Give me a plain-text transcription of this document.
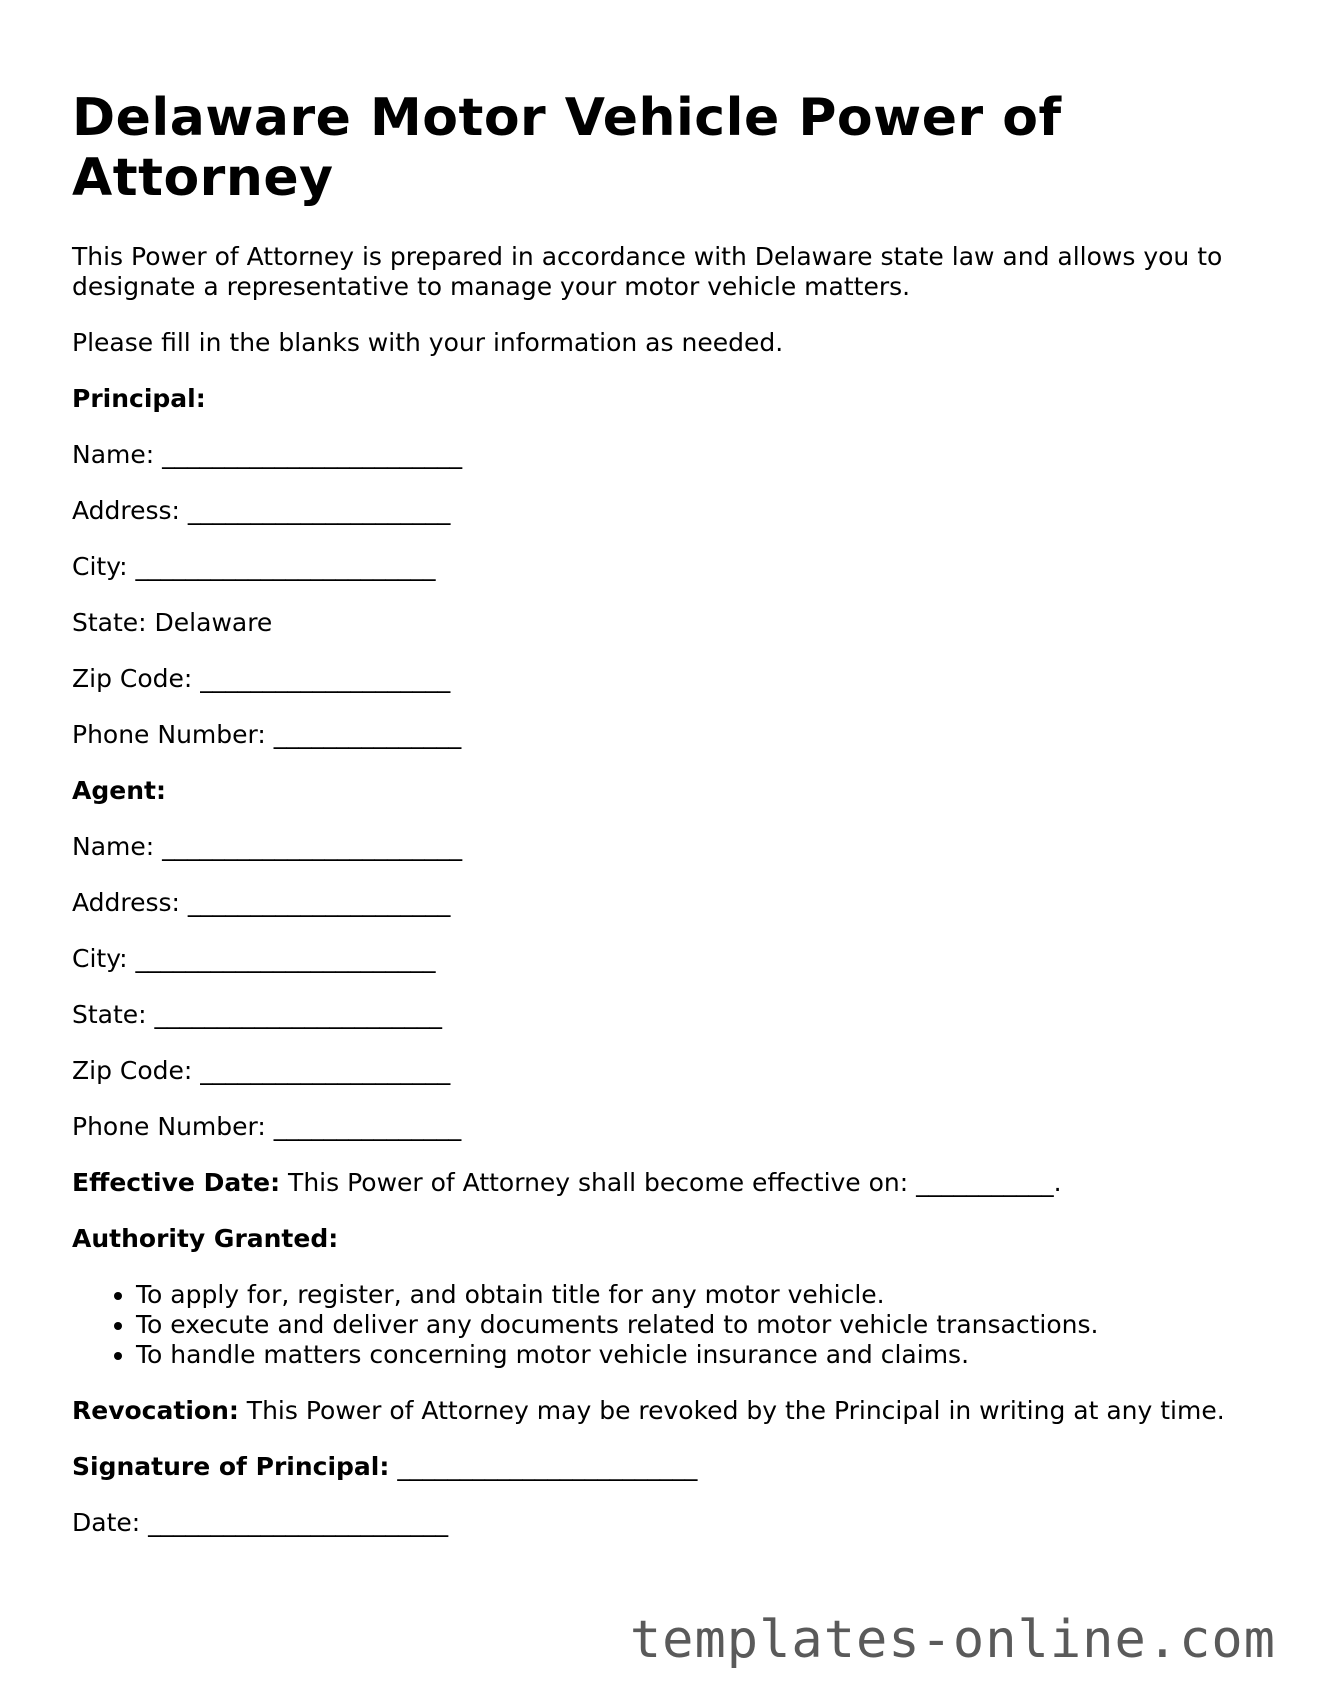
Delaware Motor Vehicle Power of Attorney

This Power of Attorney is prepared in accordance with Delaware state law and allows you to designate a representative to manage your motor vehicle matters.

Please fill in the blanks with your information as needed.

Principal:
Name: ________________________
Address: _____________________
City: ________________________
State: Delaware
Zip Code: ____________________
Phone Number: _______________
Agent:
Name: ________________________
Address: _____________________
City: ________________________
State: _______________________
Zip Code: ____________________
Phone Number: _______________
Effective Date: This Power of Attorney shall become effective on: ___________.
Authority Granted:
• To apply for, register, and obtain title for any motor vehicle.
• To execute and deliver any documents related to motor vehicle transactions.
• To handle matters concerning motor vehicle insurance and claims.

Revocation: This Power of Attorney may be revoked by the Principal in writing at any time.

Signature of Principal: ________________________
Date: ________________________
templates-online.com
